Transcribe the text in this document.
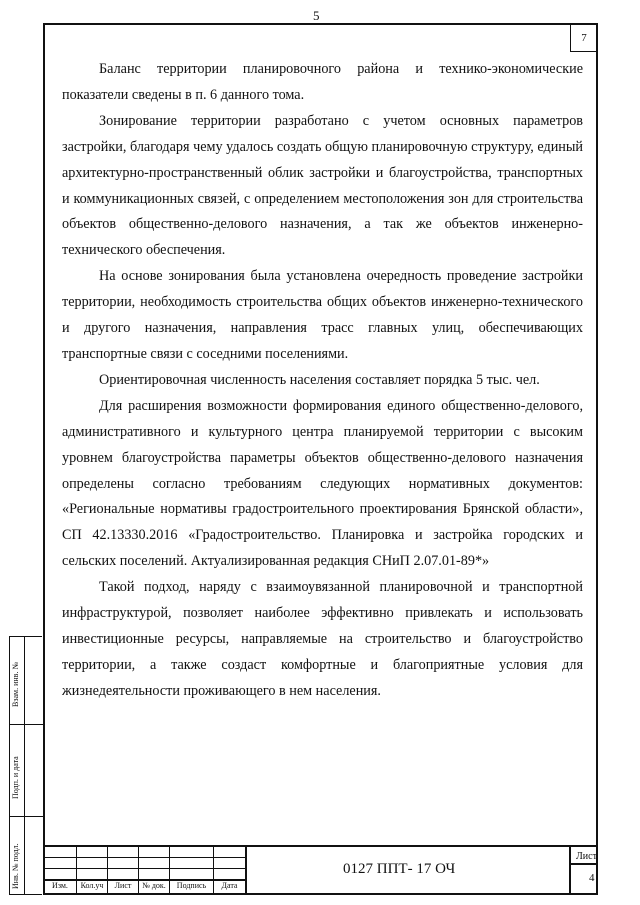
5
7

Баланс территории планировочного района и технико-экономические показатели сведены в п. 6 данного тома.

Зонирование территории разработано с учетом основных параметров застройки, благодаря чему удалось создать общую планировочную структуру, единый архитектурно-пространственный облик застройки и благоустройства, транспортных и коммуникационных связей, с определением местоположения зон для строительства объектов общественно-делового назначения, а так же объектов инженерно-технического обеспечения.

На основе зонирования была установлена очередность проведение застройки территории, необходимость строительства общих объектов инженерно-технического и другого назначения, направления трасс главных улиц, обеспечивающих транспортные связи с соседними поселениями.

Ориентировочная численность населения составляет порядка 5 тыс. чел.

Для расширения возможности формирования единого общественно-делового, административного и культурного центра планируемой территории с высоким уровнем благоустройства параметры объектов общественно-делового назначения определены согласно требованиям следующих нормативных документов: «Региональные нормативы градостроительного проектирования Брянской области», СП 42.13330.2016 «Градостроительство. Планировка и застройка городских и сельских поселений. Актуализированная редакция СНиП 2.07.01-89*»

Такой подход, наряду с взаимоувязанной планировочной и транспортной инфраструктурой, позволяет наиболее эффективно привлекать и использовать инвестиционные ресурсы, направляемые на строительство и благоустройство территории, а также создаст комфортные и благоприятные условия для жизнедеятельности проживающего в нем населения.

Взам. инв. №
Подп. и дата
Инв. № подл.	Изм.	Кол.уч	Лист	№ док.	Подпись	Дата
0127 ППТ- 17 ОЧ
Лист
4
